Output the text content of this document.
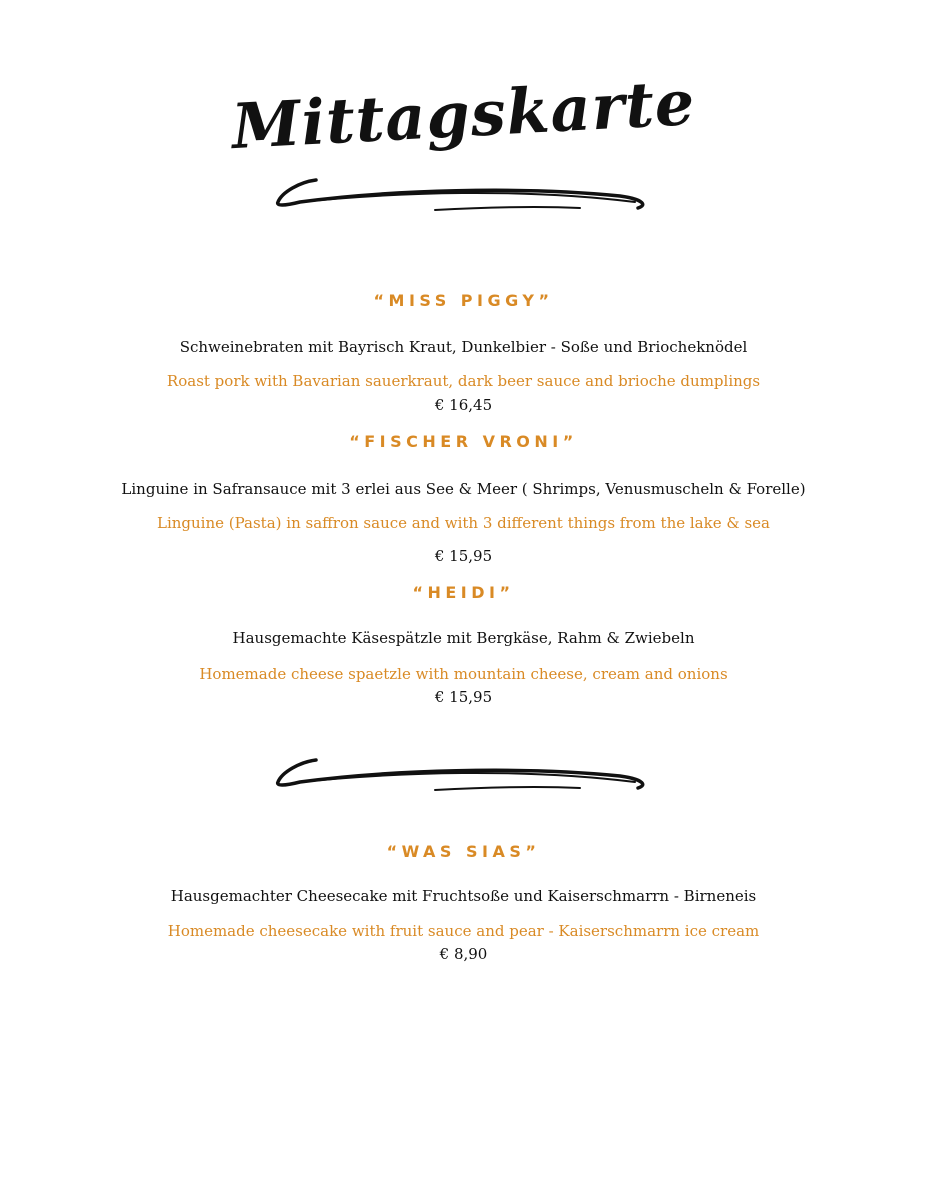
Mittagskarte
“MISS PIGGY”
Schweinebraten mit Bayrisch Kraut, Dunkelbier - Soße und Briocheknödel
Roast pork with Bavarian sauerkraut, dark beer sauce and brioche dumplings
€ 16,45
“FISCHER VRONI”
Linguine in Safransauce mit 3 erlei aus See & Meer ( Shrimps, Venusmuscheln & Forelle)
Linguine (Pasta) in saffron sauce and with 3 different things from the lake & sea
€ 15,95
“HEIDI”
Hausgemachte Käsespätzle mit Bergkäse, Rahm & Zwiebeln
Homemade cheese spaetzle with mountain cheese, cream and onions
€ 15,95
“WAS SIAS”
Hausgemachter Cheesecake mit Fruchtsoße und Kaiserschmarrn - Birneneis
Homemade cheesecake with fruit sauce and pear - Kaiserschmarrn ice cream
€ 8,90
